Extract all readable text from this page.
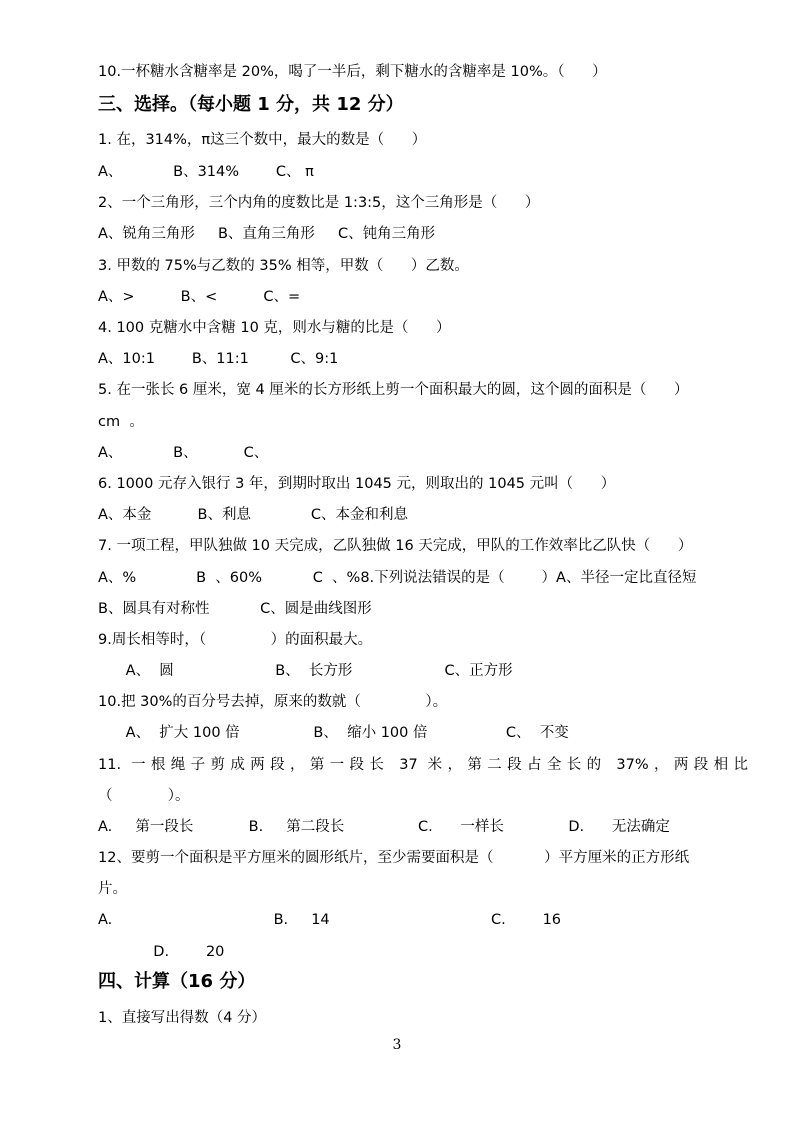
10.一杯糖水含糖率是 20%，喝了一半后，剩下糖水的含糖率是 10%。（      ）
三、选择。（每小题 1 分，共 12 分）
1. 在，314%，π这三个数中，最大的数是（      ）
A、           B、314%        C、 π
2、一个三角形，三个内角的度数比是 1:3:5，这个三角形是（      ）
A、锐角三角形     B、直角三角形     C、钝角三角形
3. 甲数的 75%与乙数的 35% 相等，甲数（      ）乙数。
A、>          B、<          C、=
4. 100 克糖水中含糖 10 克，则水与糖的比是（      ）
A、10:1        B、11:1         C、9:1
5. 在一张长 6 厘米，宽 4 厘米的长方形纸上剪一个面积最大的圆，这个圆的面积是（      ）
cm  。
A、           B、          C、
6. 1000 元存入银行 3 年，到期时取出 1045 元，则取出的 1045 元叫（      ）
A、本金          B、利息             C、本金和利息
7. 一项工程，甲队独做 10 天完成，乙队独做 16 天完成，甲队的工作效率比乙队快（      ）
A、%             B  、60%           C  、%8.下列说法错误的是（        ）A、半径一定比直径短
B、圆具有对称性           C、圆是曲线图形
9.周长相等时，（              ）的面积最大。
A、  圆                      B、  长方形                    C、正方形
10.把 30%的百分号去掉，原来的数就（              ）。
A、  扩大 100 倍                B、  缩小 100 倍                 C、  不变
11. 一根绳子剪成两段，第一段长 37 米，第二段占全长的 37%，两段相比
（            ）。
A.     第一段长            B.     第二段长                C.      一样长              D.      无法确定
12、要剪一个面积是平方厘米的圆形纸片，至少需要面积是（           ）平方厘米的正方形纸
片。
A.                                   B.     14                                   C.        16
D.        20
四、计算（16 分）
1、直接写出得数（4 分）
3
